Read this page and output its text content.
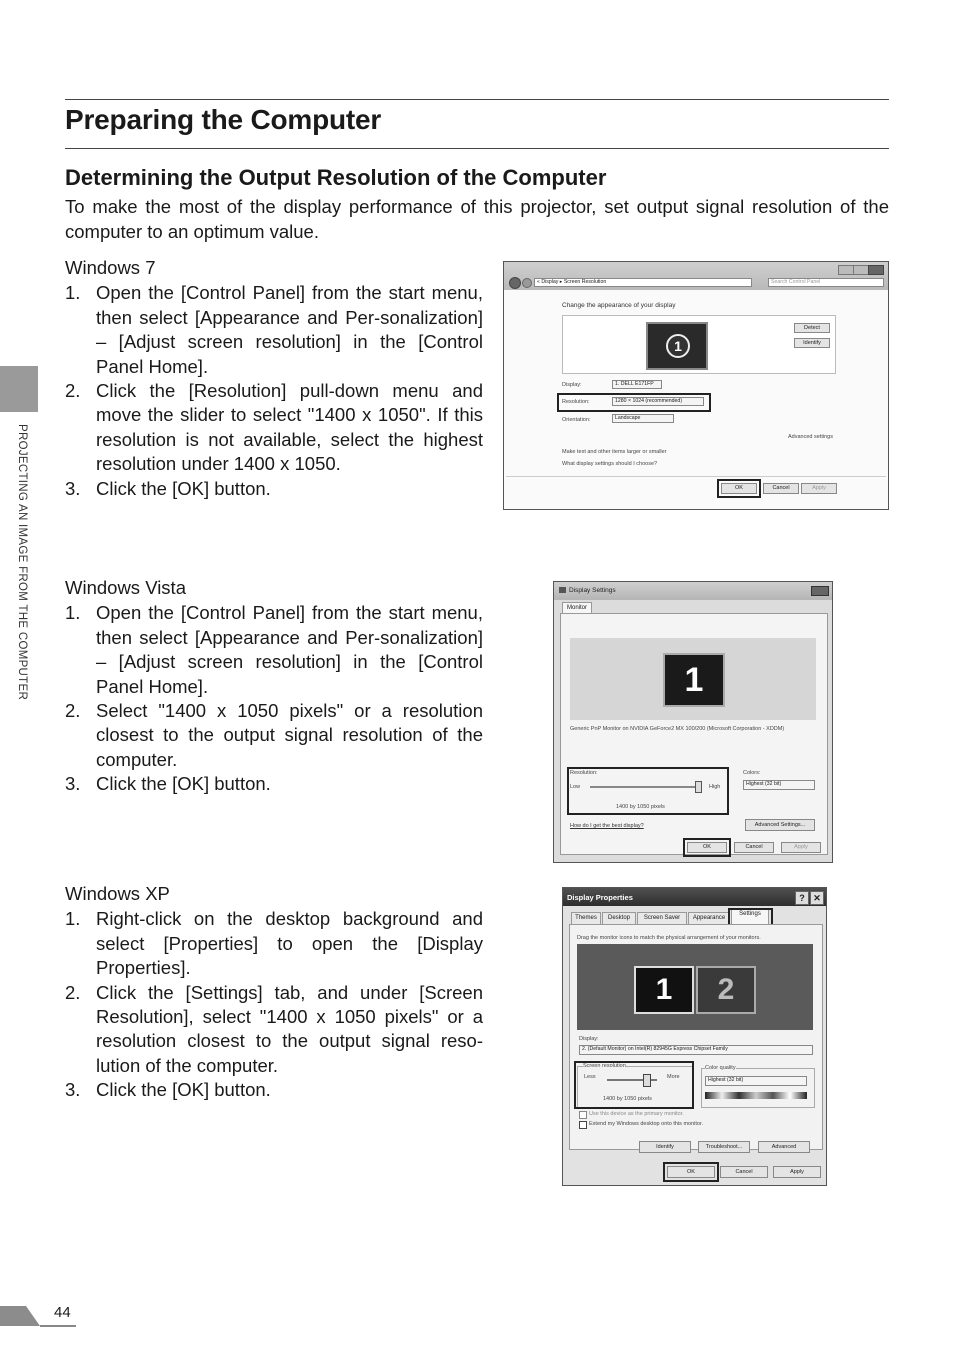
Preparing the Computer
Determining the Output Resolution of the Computer

To make the most of the display performance of this projector, set output signal resolution of the computer to an optimum value.

PROJECTING AN IMAGE FROM THE COMPUTER

Windows 7

1. Open the [Control Panel] from the start menu, then select [Appearance and Per-sonalization] – [Adjust screen resolution] in the [Control Panel Home].
2. Click the [Resolution] pull-down menu and move the slider to select "1400 x 1050". If this resolution is not available, select the highest resolution under 1400 x 1050.
3. Click the [OK] button.

Windows Vista

1. Open the [Control Panel] from the start menu, then select [Appearance and Per-sonalization] – [Adjust screen resolution] in the [Control Panel Home].
2. Select "1400 x 1050 pixels" or a resolution closest to the output signal resolution of the computer.
3. Click the [OK] button.

Windows XP

1. Right-click on the desktop background and select [Properties] to open the [Display Properties].
2. Click the [Settings] tab, and under [Screen Resolution], select "1400 x 1050 pixels" or a resolution closest to the output signal reso-lution of the computer.
3. Click the [OK] button.
« Display ▸ Screen Resolution	Search Control Panel
Change the appearance of your display
1
Detect
Identify
Display:	1. DELL E171FP
Resolution:	1280 × 1024 (recommended)
Orientation:	Landscape
Advanced settings
Make text and other items larger or smaller
What display settings should I choose?
OK	Cancel	Apply
Display Settings
Monitor
1
Generic PnP Monitor on NVIDIA GeForce2 MX 100/200 (Microsoft Corporation - XDDM)
Resolution:
Low	High
1400 by 1050 pixels
Colors:
Highest (32 bit)
How do I get the best display?	Advanced Settings...
OK	Cancel	Apply
Display Properties	? ✕
Themes	Desktop	Screen Saver	Appearance
Settings
Drag the monitor icons to match the physical arrangement of your monitors.
1	2
Display:
2. (Default Monitor) on Intel(R) 82945G Express Chipset Family
Screen resolution
Less	More
1400 by 1050 pixels
Color quality
Highest (32 bit)
Use this device as the primary monitor.
Extend my Windows desktop onto this monitor.
Identify	Troubleshoot...	Advanced
OK	Cancel	Apply
44
